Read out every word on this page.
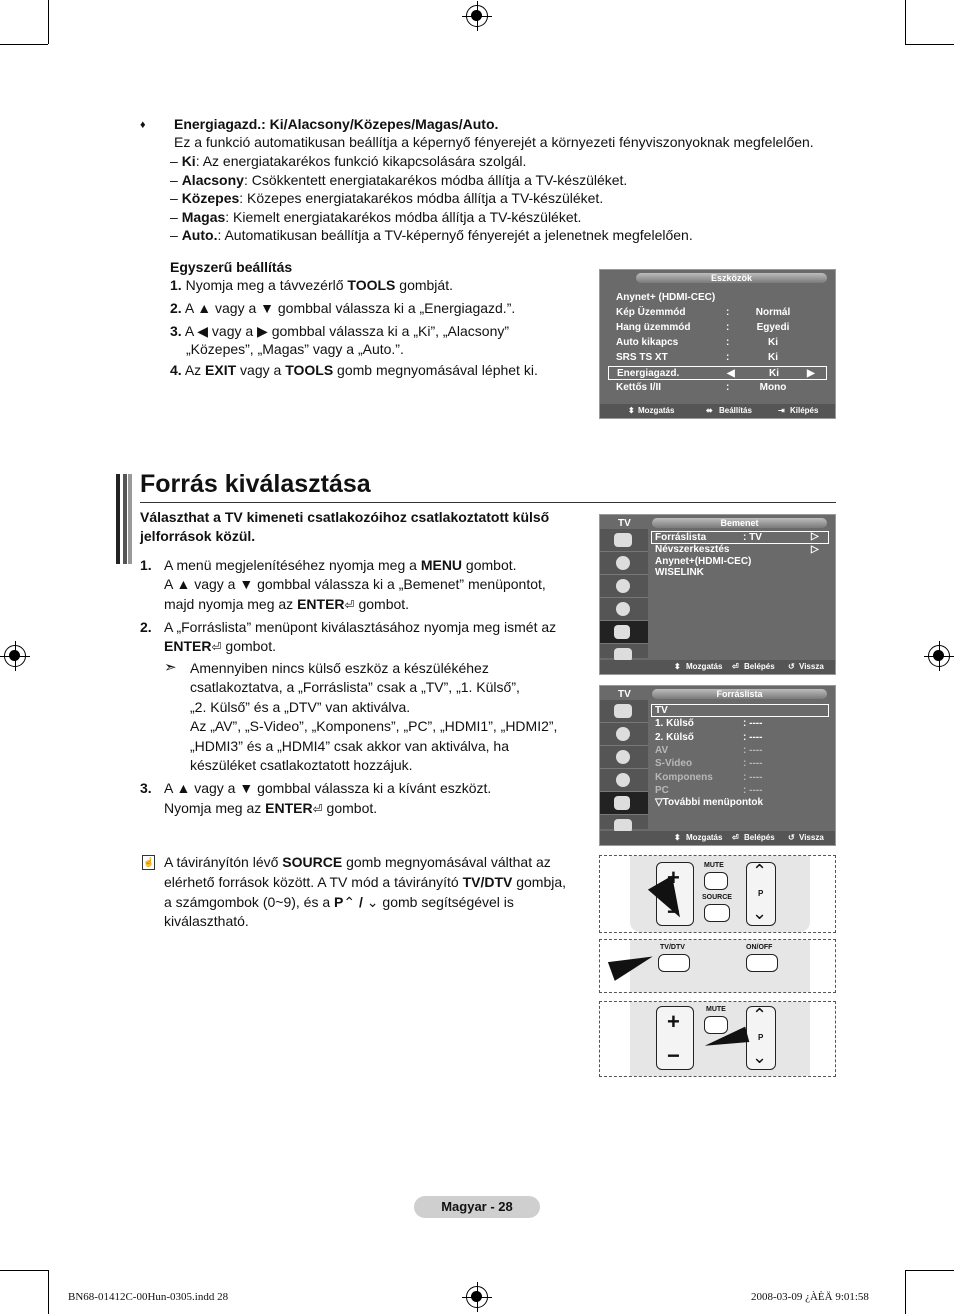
♦ Energiagazd.: Ki/Alacsony/Közepes/Magas/Auto.
Ez a funkció automatikusan beállítja a képernyő fényerejét a környezeti fényviszonyoknak megfelelően.
– Ki: Az energiatakarékos funkció kikapcsolására szolgál.
– Alacsony: Csökkentett energiatakarékos módba állítja a TV-készüléket.
– Közepes: Közepes energiatakarékos módba állítja a TV-készüléket.
– Magas: Kiemelt energiatakarékos módba állítja a TV-készüléket.
– Auto.: Automatikusan beállítja a TV-képernyő fényerejét a jelenetnek megfelelően.
Egyszerű beállítás
1. Nyomja meg a távvezérlő TOOLS gombját.
2. A ▲ vagy a ▼ gombbal válassza ki a „Energiagazd.”.
3. A ◀ vagy a ▶ gombbal válassza ki a „Ki”, „Alacsony”
„Közepes”, „Magas” vagy a „Auto.”.
4. Az EXIT vagy a TOOLS gomb megnyomásával léphet ki.
Eszközök
Anynet+ (HDMI-CEC)
Kép Üzemmód	:	Normál
Hang üzemmód	:	Egyedi
Auto kikapcs	:	Ki
SRS TS XT	:	Ki
Energiagazd.	◀	Ki	▶
Kettős I/II	:	Mono
⬍ Mozgatás	⬌ Beállítás	⇥ Kilépés
Forrás kiválasztása
Választhat a TV kimeneti csatlakozóihoz csatlakoztatott külső
jelforrások közül.
1. A menü megjelenítéséhez nyomja meg a MENU gombot.
A ▲ vagy a ▼ gombbal válassza ki a „Bemenet” menüpontot,
majd nyomja meg az ENTER⏎ gombot.
2. A „Forráslista” menüpont kiválasztásához nyomja meg ismét az
ENTER⏎ gombot.
➣ Amennyiben nincs külső eszköz a készülékéhez
csatlakoztatva, a „Forráslista” csak a „TV”, „1. Külső”,
„2. Külső” és a „DTV” van aktiválva.
Az „AV”, „S-Video”, „Komponens”, „PC”, „HDMI1”, „HDMI2”,
„HDMI3” és a „HDMI4” csak akkor van aktiválva, ha
készüléket csatlakoztatott hozzájuk.
3. A ▲ vagy a ▼ gombbal válassza ki a kívánt eszközt.
Nyomja meg az ENTER⏎ gombot.
☝ A távirányítón lévő SOURCE gomb megnyomásával válthat az
elérhető források között. A TV mód a távirányító TV/DTV gombja,
a számgombok (0~9), és a P⌃ / ⌄ gomb segítségével is
kiválasztható.
TV	Bemenet
Forráslista	: TV
Névszerkesztés
Anynet+(HDMI-CEC)
WISELINK
▷
▷
⬍ Mozgatás ⏎ Belépés ↺ Vissza
TV	Forráslista
TV
1. Külső	: ----
2. Külső	: ----
AV	: ----
S-Video	: ----
Komponens	: ----
PC	: ----
▽További menüpontok
⬍ Mozgatás ⏎ Belépés ↺ Vissza
+
−
MUTE
SOURCE
⌃
P
⌄
TV/DTV	ON/OFF
+
−
MUTE ⌃
P
⌄
Magyar - 28
BN68-01412C-00Hun-0305.indd 28	2008-03-09 ¿ÀÈÄ 9:01:58
